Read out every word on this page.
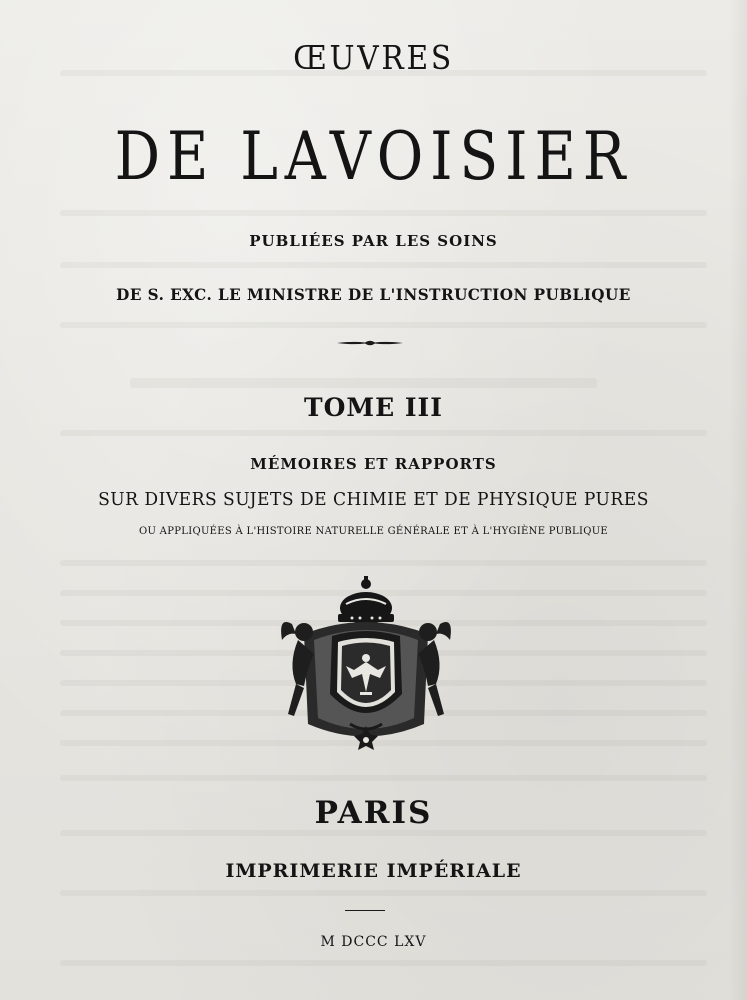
ŒUVRES
DE LAVOISIER
PUBLIÉES PAR LES SOINS
DE S. EXC. LE MINISTRE DE L'INSTRUCTION PUBLIQUE
TOME III
MÉMOIRES ET RAPPORTS
SUR DIVERS SUJETS DE CHIMIE ET DE PHYSIQUE PURES
OU APPLIQUÉES À L'HISTOIRE NATURELLE GÉNÉRALE ET À L'HYGIÈNE PUBLIQUE
PARIS
IMPRIMERIE IMPÉRIALE
M DCCC LXV
